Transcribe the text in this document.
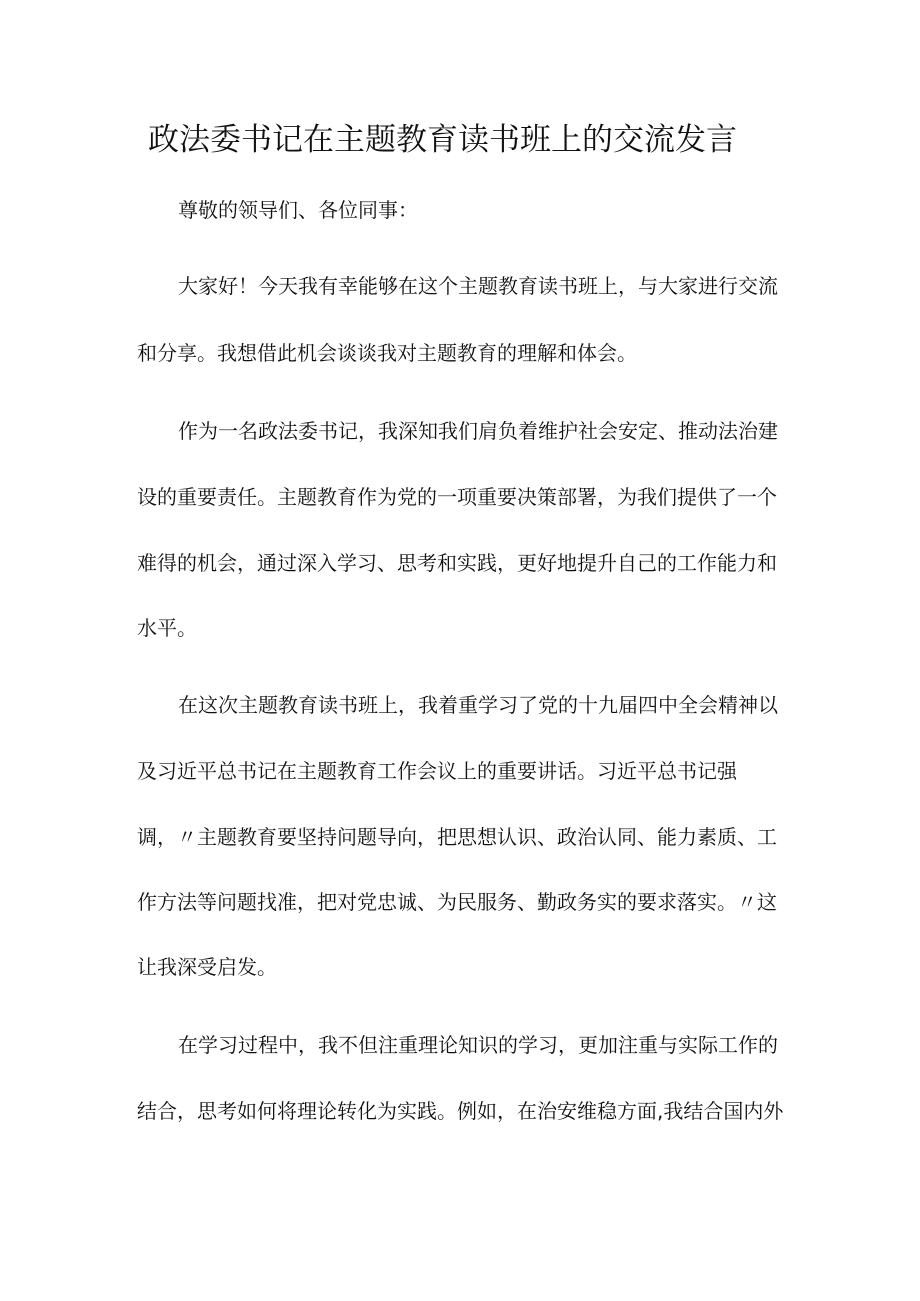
政法委书记在主题教育读书班上的交流发言

尊敬的领导们、各位同事：

大家好！今天我有幸能够在这个主题教育读书班上，与大家进行交流

和分享。我想借此机会谈谈我对主题教育的理解和体会。

作为一名政法委书记，我深知我们肩负着维护社会安定、推动法治建

设的重要责任。主题教育作为党的一项重要决策部署，为我们提供了一个

难得的机会，通过深入学习、思考和实践，更好地提升自己的工作能力和

水平。

在这次主题教育读书班上，我着重学习了党的十九届四中全会精神以

及习近平总书记在主题教育工作会议上的重要讲话。习近平总书记强

调，〃主题教育要坚持问题导向，把思想认识、政治认同、能力素质、工

作方法等问题找准，把对党忠诚、为民服务、勤政务实的要求落实。〃这

让我深受启发。

在学习过程中，我不但注重理论知识的学习，更加注重与实际工作的

结合，思考如何将理论转化为实践。例如，在治安维稳方面,我结合国内外
